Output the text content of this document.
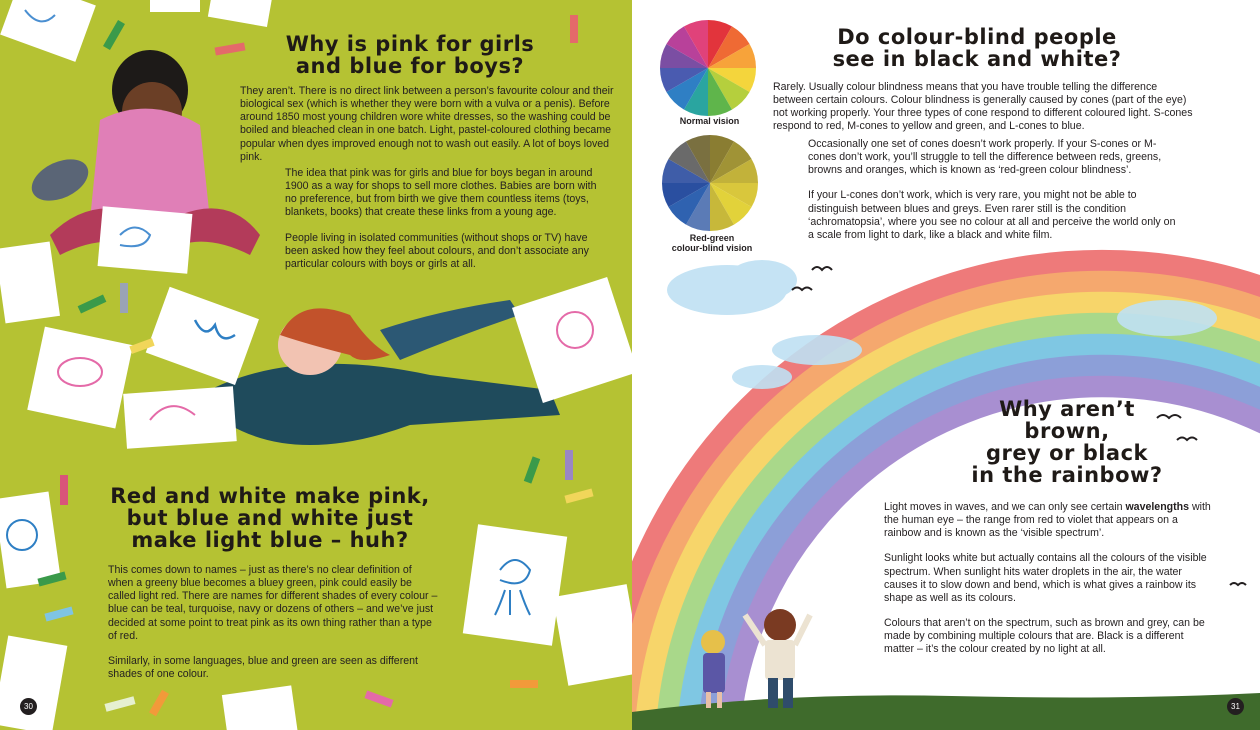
Why is pink for girls
and blue for boys?

They aren’t. There is no direct link between a person’s favourite colour and their biological sex (which is whether they were born with a vulva or a penis). Before around 1850 most young children wore white dresses, so the washing could be boiled and bleached clean in one batch. Light, pastel-coloured clothing became popular when dyes improved enough not to wash out easily. A lot of boys loved pink.

The idea that pink was for girls and blue for boys began in around 1900 as a way for shops to sell more clothes. Babies are born with no preference, but from birth we give them countless items (toys, blankets, books) that create these links from a young age.

People living in isolated communities (without shops or TV) have been asked how they feel about colours, and don’t associate any particular colours with boys or girls at all.

Red and white make pink,
but blue and white just
make light blue – huh?

This comes down to names – just as there’s no clear definition of when a greeny blue becomes a bluey green, pink could easily be called light red. There are names for different shades of every colour – blue can be teal, turquoise, navy or dozens of others – and we’ve just decided at some point to treat pink as its own thing rather than a type of red.

Similarly, in some languages, blue and green are seen as different shades of one colour.

30
Normal vision
Red-green
colour-blind vision
Do colour-blind people
see in black and white?

Rarely. Usually colour blindness means that you have trouble telling the difference between certain colours. Colour blindness is generally caused by cones (part of the eye) not working properly. Your three types of cone respond to different coloured light. S-cones respond to red, M-cones to yellow and green, and L-cones to blue.

Occasionally one set of cones doesn’t work properly. If your S-cones or M-cones don’t work, you’ll struggle to tell the difference between reds, greens, browns and oranges, which is known as ‘red-green colour blindness’.

If your L-cones don’t work, which is very rare, you might not be able to distinguish between blues and greys. Even rarer still is the condition ‘achromatopsia’, where you see no colour at all and perceive the world only on a scale from light to dark, like a black and white film.

Why aren’t
brown,
grey or black
in the rainbow?

Light moves in waves, and we can only see certain wavelengths with the human eye – the range from red to violet that appears on a rainbow and is known as the ‘visible spectrum’.

Sunlight looks white but actually contains all the colours of the visible spectrum. When sunlight hits water droplets in the air, the water causes it to slow down and bend, which is what gives a rainbow its shape as well as its colours.

Colours that aren’t on the spectrum, such as brown and grey, can be made by combining multiple colours that are. Black is a different matter – it’s the colour created by no light at all.

31
